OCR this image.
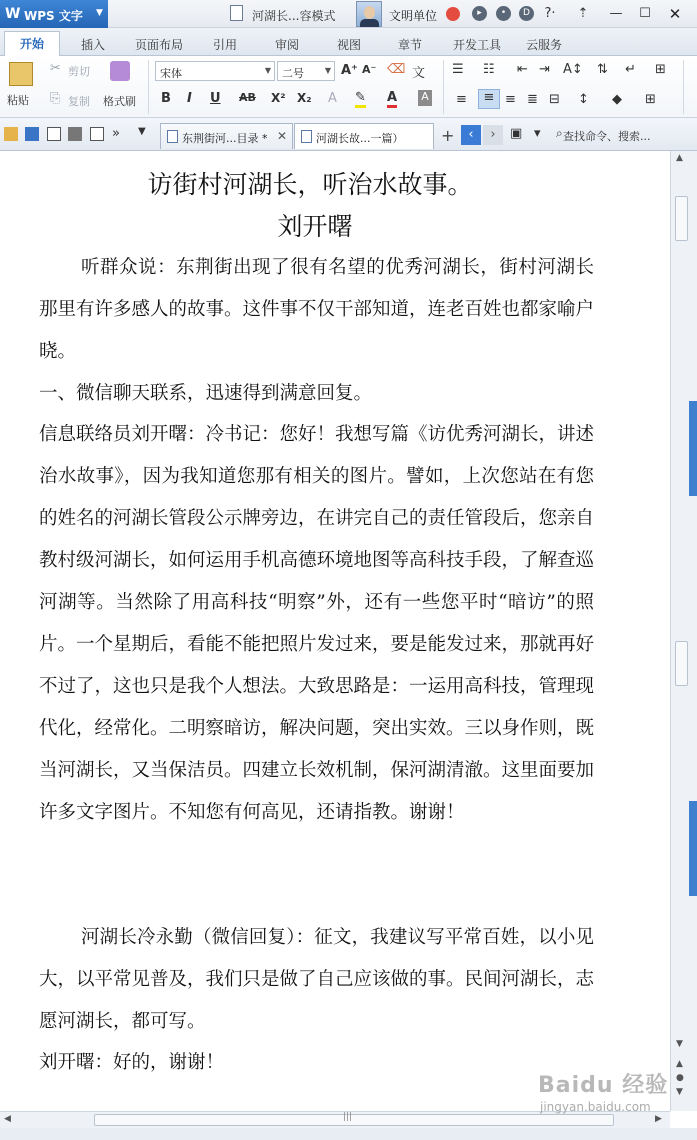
W WPS 文字 ▼	河湖长...容模式	文明单位	▸	•	D	?·	⇡	—	☐	✕
开始	插入 页面布局 引用	审阅	视图	章节	开发工具 云服务
粘贴
✂ 剪切
⎘ 复制 格式刷
宋体	▼ 二号	▼ A⁺ A⁻ ⌫ 文
B I U AB X² X₂ A ✎ A A
☰ ☷ ⇤ ⇥ A↕ ⇅ ↵ ⊞
≡	≡ ≡ ≣ ⊟ ↕ ◆ ⊞
» ▼
东荆街河...目录 * ✕	河湖长故...一篇） +	‹	›	▣ ▾ ⌕ 查找命令、搜索...
访街村河湖长，听治水故事。
刘开曙

听群众说：东荆街出现了很有名望的优秀河湖长，街村河湖长那里有许多感人的故事。这件事不仅干部知道，连老百姓也都家喻户晓。

一、微信聊天联系，迅速得到满意回复。

信息联络员刘开曙：冷书记：您好！我想写篇《访优秀河湖长，讲述治水故事》，因为我知道您那有相关的图片。譬如，上次您站在有您的姓名的河湖长管段公示牌旁边，在讲完自己的责任管段后，您亲自教村级河湖长，如何运用手机高德环境地图等高科技手段，了解查巡河湖等。当然除了用高科技“明察”外，还有一些您平时“暗访”的照片。一个星期后，看能不能把照片发过来，要是能发过来，那就再好不过了，这也只是我个人想法。大致思路是：一运用高科技，管理现代化，经常化。二明察暗访，解决问题，突出实效。三以身作则，既当河湖长，又当保洁员。四建立长效机制，保河湖清澈。这里面要加许多文字图片。不知您有何高见，还请指教。谢谢！

河湖长冷永勤（微信回复）：征文，我建议写平常百姓，以小见大，以平常见普及，我们只是做了自己应该做的事。民间河湖长，志愿河湖长，都可写。

刘开曙：好的，谢谢！

▲
▼
▲
●
▼
◀	|||	▶
Baidu 经验
jingyan.baidu.com
